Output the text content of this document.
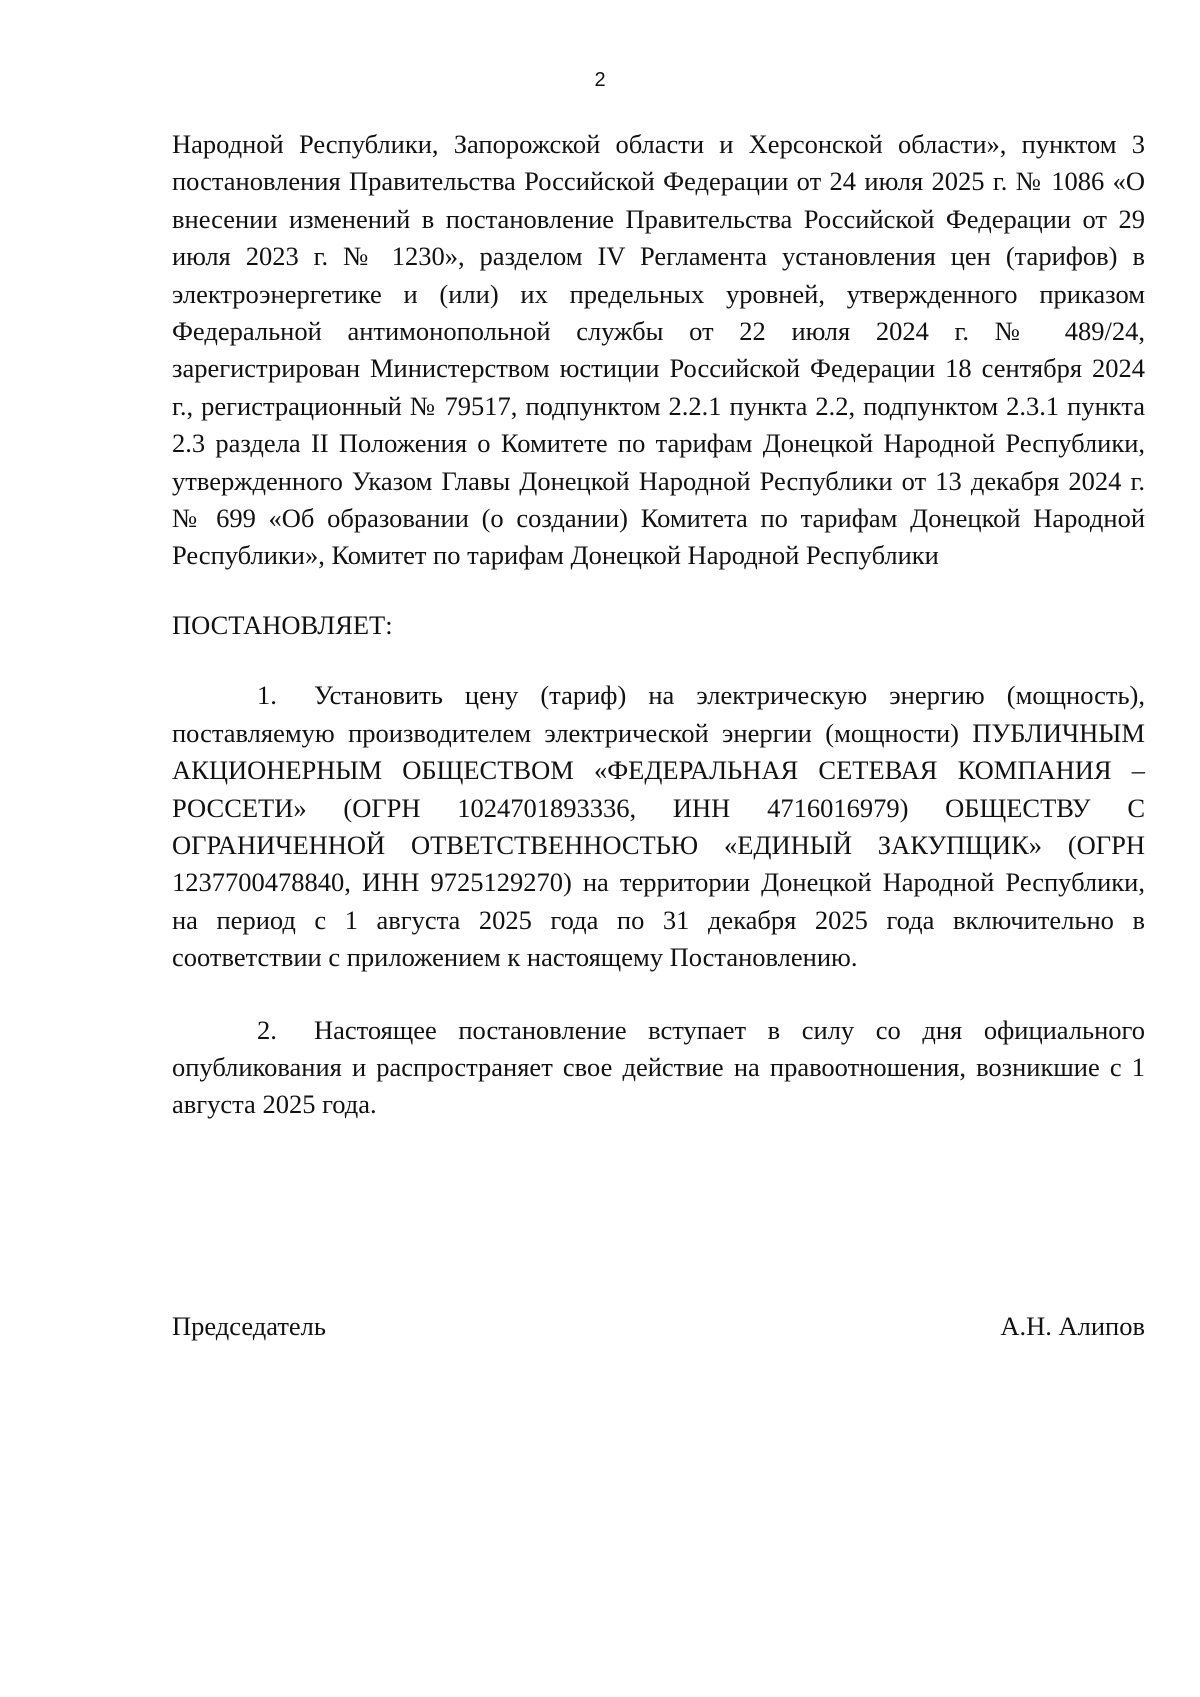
2

Народной Республики, Запорожской области и Херсонской области», пунктом 3 постановления Правительства Российской Федерации от 24 июля 2025 г. № 1086 «О внесении изменений в постановление Правительства Российской Федерации от 29 июля 2023 г. № 1230», разделом IV Регламента установления цен (тарифов) в электроэнергетике и (или) их предельных уровней, утвержденного приказом Федеральной антимонопольной службы от 22 июля 2024 г. № 489/24, зарегистрирован Министерством юстиции Российской Федерации 18 сентября 2024 г., регистрационный № 79517, подпунктом 2.2.1 пункта 2.2, подпунктом 2.3.1 пункта 2.3 раздела II Положения о Комитете по тарифам Донецкой Народной Республики, утвержденного Указом Главы Донецкой Народной Республики от 13 декабря 2024 г. № 699 «Об образовании (о создании) Комитета по тарифам Донецкой Народной Республики», Комитет по тарифам Донецкой Народной Республики

ПОСТАНОВЛЯЕТ:

1. Установить цену (тариф) на электрическую энергию (мощность), поставляемую производителем электрической энергии (мощности) ПУБЛИЧНЫМ АКЦИОНЕРНЫМ ОБЩЕСТВОМ «ФЕДЕРАЛЬНАЯ СЕТЕВАЯ КОМПАНИЯ – РОССЕТИ» (ОГРН 1024701893336, ИНН 4716016979) ОБЩЕСТВУ С ОГРАНИЧЕННОЙ ОТВЕТСТВЕННОСТЬЮ «ЕДИНЫЙ ЗАКУПЩИК» (ОГРН 1237700478840, ИНН 9725129270) на территории Донецкой Народной Республики, на период с 1 августа 2025 года по 31 декабря 2025 года включительно в соответствии с приложением к настоящему Постановлению.

2. Настоящее постановление вступает в силу со дня официального опубликования и распространяет свое действие на правоотношения, возникшие с 1 августа 2025 года.

Председатель	А.Н. Алипов
